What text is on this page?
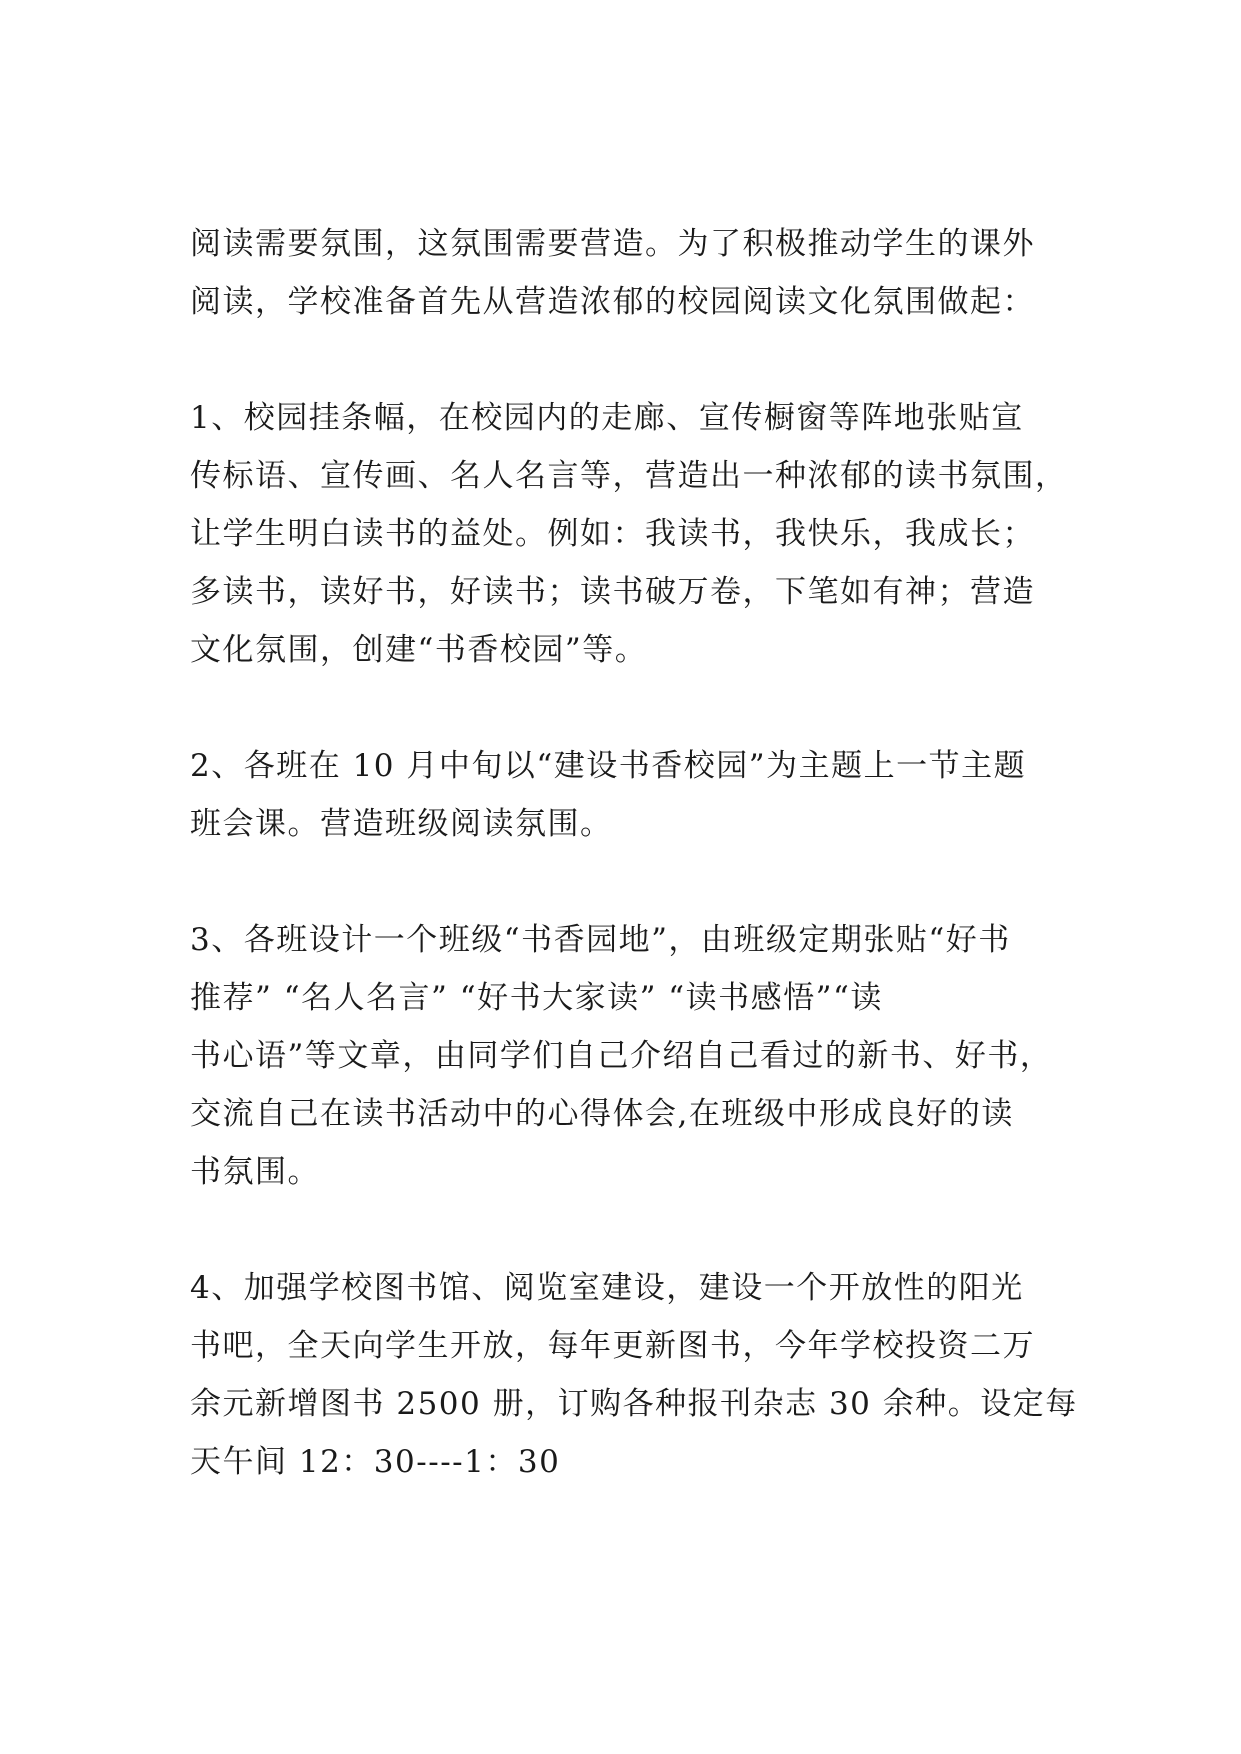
阅读需要氛围，这氛围需要营造。为了积极推动学生的课外
阅读，学校准备首先从营造浓郁的校园阅读文化氛围做起：

1、校园挂条幅，在校园内的走廊、宣传橱窗等阵地张贴宣
传标语、宣传画、名人名言等，营造出一种浓郁的读书氛围，
让学生明白读书的益处。例如：我读书，我快乐，我成长；
多读书，读好书，好读书；读书破万卷，下笔如有神；营造
文化氛围，创建“书香校园”等。

2、各班在 10 月中旬以“建设书香校园”为主题上一节主题
班会课。营造班级阅读氛围。

3、各班设计一个班级“书香园地”，由班级定期张贴“好书
推荐” “名人名言” “好书大家读” “读书感悟”“读
书心语”等文章，由同学们自己介绍自己看过的新书、好书，
交流自己在读书活动中的心得体会,在班级中形成良好的读
书氛围。

4、加强学校图书馆、阅览室建设，建设一个开放性的阳光
书吧，全天向学生开放，每年更新图书，今年学校投资二万
余元新增图书 2500 册，订购各种报刊杂志 30 余种。设定每
天午间 12：30----1：30
